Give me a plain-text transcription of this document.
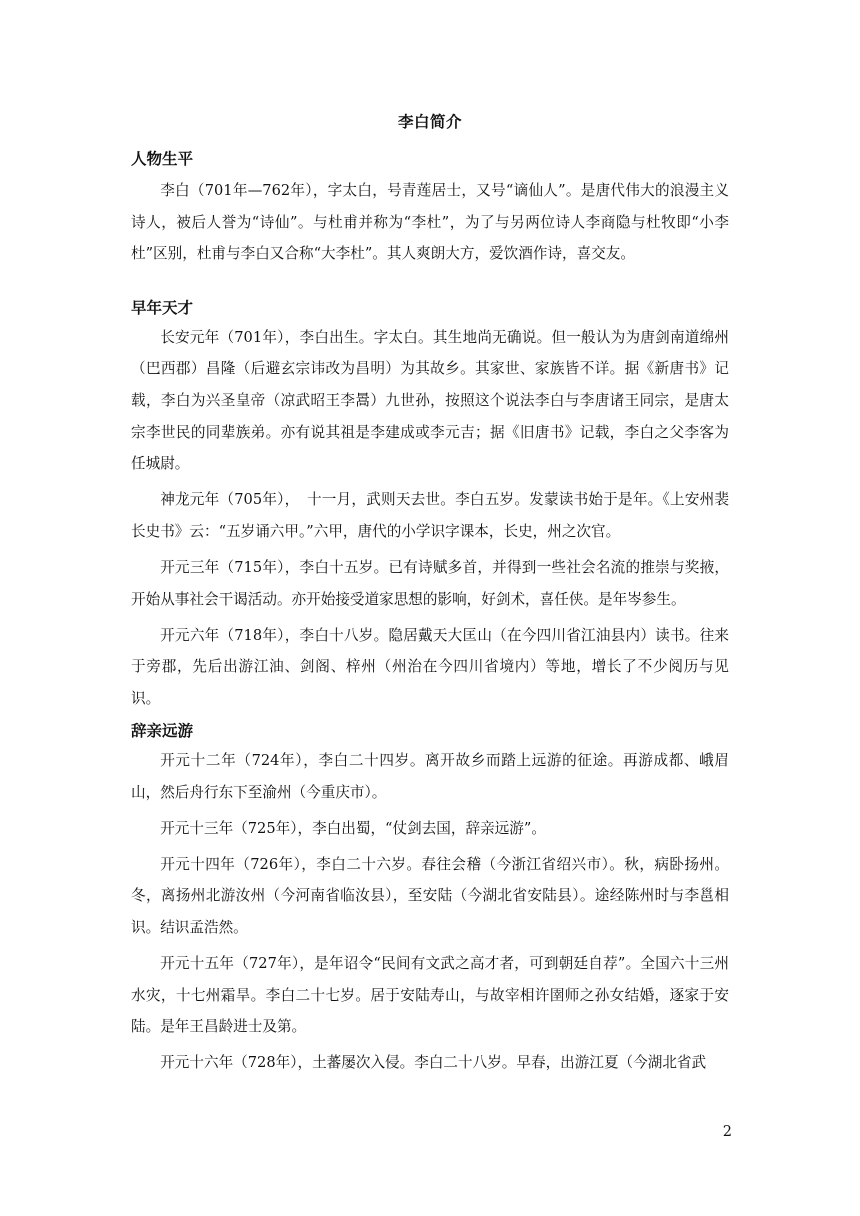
李白简介
人物生平

李白（701年—762年），字太白，号青莲居士，又号“谪仙人”。是唐代伟大的浪漫主义诗人，被后人誉为“诗仙”。与杜甫并称为“李杜”，为了与另两位诗人李商隐与杜牧即“小李杜”区别，杜甫与李白又合称“大李杜”。其人爽朗大方，爱饮酒作诗，喜交友。

早年天才

长安元年（701年），李白出生。字太白。其生地尚无确说。但一般认为为唐剑南道绵州（巴西郡）昌隆（后避玄宗讳改为昌明）为其故乡。其家世、家族皆不详。据《新唐书》记载，李白为兴圣皇帝（凉武昭王李暠）九世孙，按照这个说法李白与李唐诸王同宗，是唐太宗李世民的同辈族弟。亦有说其祖是李建成或李元吉；据《旧唐书》记载，李白之父李客为任城尉。

神龙元年（705年），　十一月，武则天去世。李白五岁。发蒙读书始于是年。《上安州裴长史书》云：“五岁诵六甲。”六甲，唐代的小学识字课本，长史，州之次官。

开元三年（715年），李白十五岁。已有诗赋多首，并得到一些社会名流的推崇与奖掖，开始从事社会干谒活动。亦开始接受道家思想的影响，好剑术，喜任侠。是年岑参生。

开元六年（718年），李白十八岁。隐居戴天大匡山（在今四川省江油县内）读书。往来于旁郡，先后出游江油、剑阁、梓州（州治在今四川省境内）等地，增长了不少阅历与见识。

辞亲远游

开元十二年（724年），李白二十四岁。离开故乡而踏上远游的征途。再游成都、峨眉山，然后舟行东下至渝州（今重庆市）。

开元十三年（725年），李白出蜀，“仗剑去国，辞亲远游”。

开元十四年（726年），李白二十六岁。春往会稽（今浙江省绍兴市）。秋，病卧扬州。冬，离扬州北游汝州（今河南省临汝县），至安陆（今湖北省安陆县）。途经陈州时与李邕相识。结识孟浩然。

开元十五年（727年），是年诏令“民间有文武之高才者，可到朝廷自荐”。全国六十三州水灾，十七州霜旱。李白二十七岁。居于安陆寿山，与故宰相许圉师之孙女结婚，逐家于安陆。是年王昌龄进士及第。

开元十六年（728年），土蕃屡次入侵。李白二十八岁。早春，出游江夏（今湖北省武

2
